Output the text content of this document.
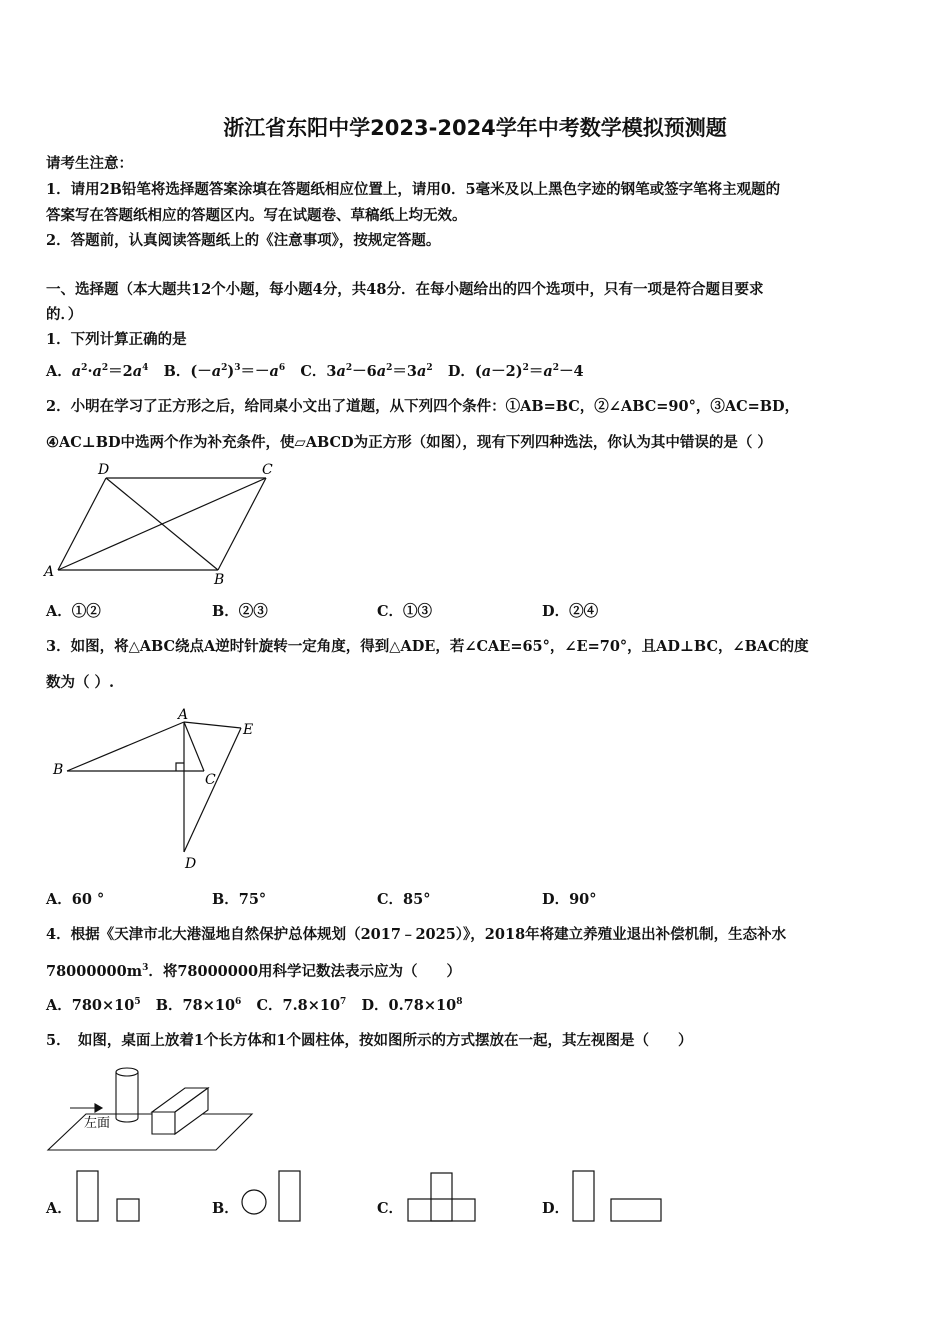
浙江省东阳中学2023-2024学年中考数学模拟预测题
请考生注意：
1．请用2B铅笔将选择题答案涂填在答题纸相应位置上，请用0．5毫米及以上黑色字迹的钢笔或签字笔将主观题的
答案写在答题纸相应的答题区内。写在试题卷、草稿纸上均无效。
2．答题前，认真阅读答题纸上的《注意事项》，按规定答题。
一、选择题（本大题共12个小题，每小题4分，共48分．在每小题给出的四个选项中，只有一项是符合题目要求
的．）
1．下列计算正确的是
A．$a^2\cdot a^2=2a^4$   B．$(-a^2)^3=-a^6$   C．$3a^2-6a^2=3a^2$   D．$(a-2)^2=a^2-4$
2．小明在学习了正方形之后，给同桌小文出了道题，从下列四个条件：①AB=BC，②∠ABC=90°，③AC=BD，
④AC⊥BD中选两个作为补充条件，使▱ABCD为正方形（如图），现有下列四种选法，你认为其中错误的是（ ）
D	C
A	B
A．①②	B．②③	C．①③	D．②④
3．如图，将△ABC绕点A逆时针旋转一定角度，得到△ADE，若∠CAE=65°，∠E=70°，且AD⊥BC，∠BAC的度
数为（ ）.
A
E
B
C
D
A．60 °	B．75°	C．85°	D．90°
4．根据《天津市北大港湿地自然保护总体规划（2017﹣2025）》，2018年将建立养殖业退出补偿机制，生态补水
$78000000m^3$．将78000000用科学记数法表示应为（　　）
A．$780\times 10^5$   B．$78\times 10^6$   C．$7.8\times 10^7$   D．$0.78\times 10^8$
5．　如图，桌面上放着1个长方体和1个圆柱体，按如图所示的方式摆放在一起，其左视图是（　　）
左面
A．	B．	C．	D．
